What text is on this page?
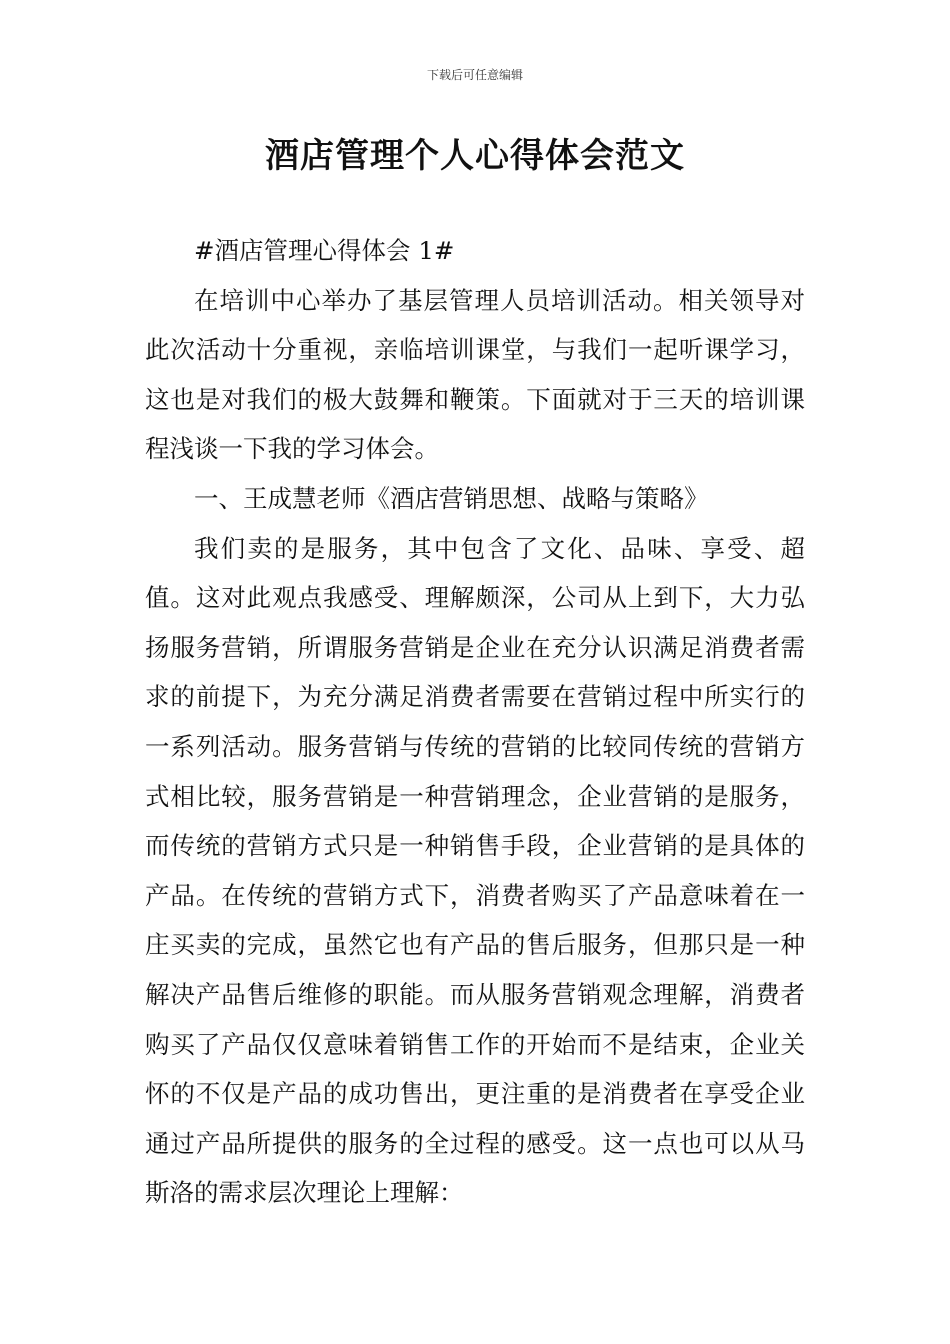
下载后可任意编辑
酒店管理个人心得体会范文

#酒店管理心得体会 1#

在培训中心举办了基层管理人员培训活动。相关领导对此次活动十分重视，亲临培训课堂，与我们一起听课学习，这也是对我们的极大鼓舞和鞭策。下面就对于三天的培训课程浅谈一下我的学习体会。

一、王成慧老师《酒店营销思想、战略与策略》

我们卖的是服务，其中包含了文化、品味、享受、超值。这对此观点我感受、理解颇深，公司从上到下，大力弘扬服务营销，所谓服务营销是企业在充分认识满足消费者需求的前提下，为充分满足消费者需要在营销过程中所实行的一系列活动。服务营销与传统的营销的比较同传统的营销方式相比较，服务营销是一种营销理念，企业营销的是服务，而传统的营销方式只是一种销售手段，企业营销的是具体的产品。在传统的营销方式下，消费者购买了产品意味着在一庄买卖的完成，虽然它也有产品的售后服务，但那只是一种解决产品售后维修的职能。而从服务营销观念理解，消费者购买了产品仅仅意味着销售工作的开始而不是结束，企业关怀的不仅是产品的成功售出，更注重的是消费者在享受企业通过产品所提供的服务的全过程的感受。这一点也可以从马斯洛的需求层次理论上理解：
